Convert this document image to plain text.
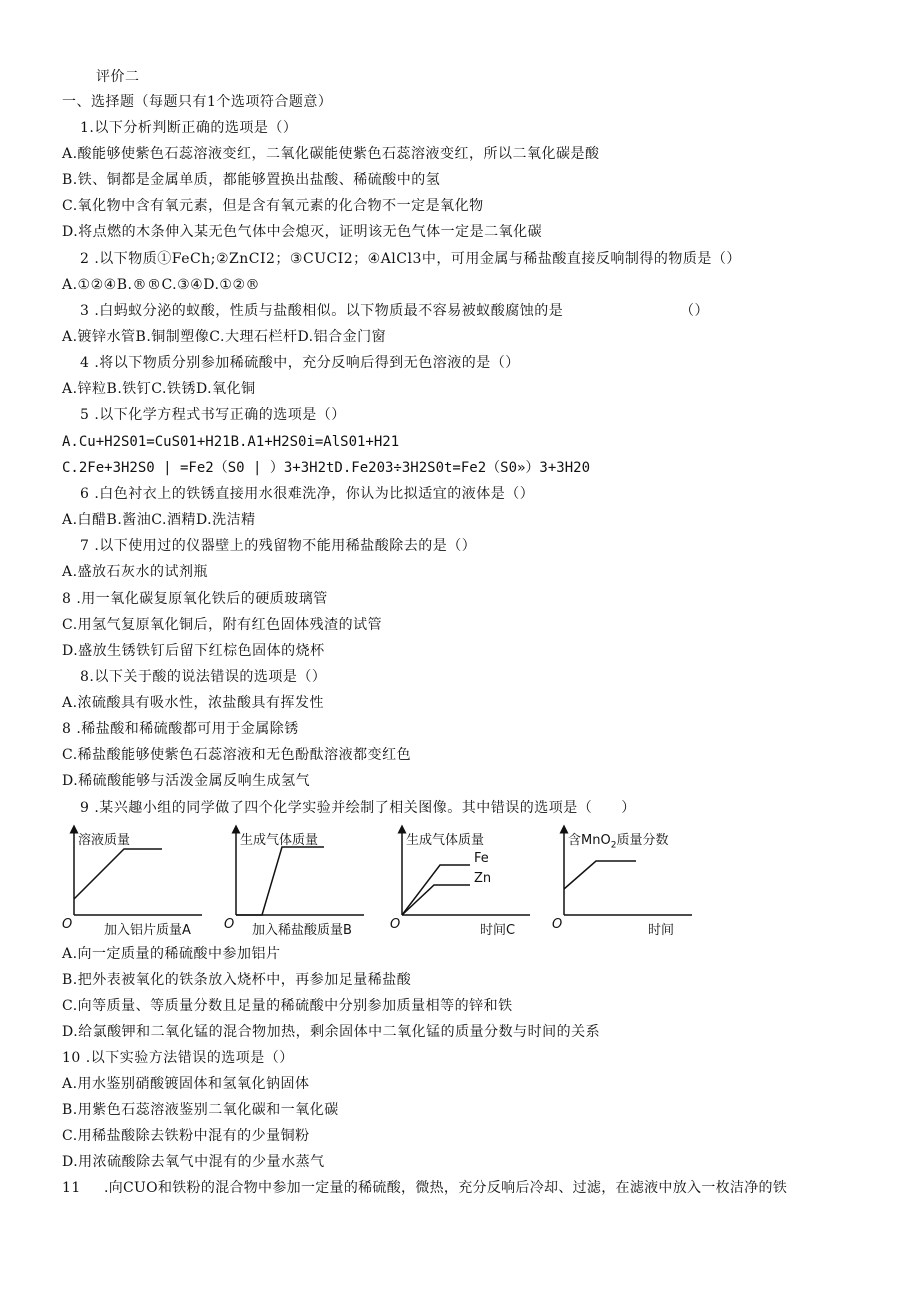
评价二
一、选择题（每题只有1个选项符合题意）
1.以下分析判断正确的选项是（）
A.酸能够使紫色石蕊溶液变红，二氧化碳能使紫色石蕊溶液变红，所以二氧化碳是酸
B.铁、铜都是金属单质，都能够置换出盐酸、稀硫酸中的氢
C.氧化物中含有氧元素，但是含有氧元素的化合物不一定是氧化物
D.将点燃的木条伸入某无色气体中会熄灭，证明该无色气体一定是二氧化碳
2 .以下物质①FeCh;②ZnCI2；③CUCI2；④AlCl3中，可用金属与稀盐酸直接反响制得的物质是（）
A.①②④B.®®C.③④D.①②®
3 .白蚂蚁分泌的蚁酸，性质与盐酸相似。以下物质最不容易被蚁酸腐蚀的是	（）
A.镀锌水管B.铜制塑像C.大理石栏杆D.铝合金门窗
4 .将以下物质分别参加稀硫酸中，充分反响后得到无色溶液的是（）
A.锌粒B.铁钉C.铁锈D.氧化铜
5 .以下化学方程式书写正确的选项是（）
A.Cu+H2S01=CuS01+H21B.A1+H2S0i=AlS01+H21
C.2Fe+3H2S0 | =Fe2（S0 | ）3+3H2tD.Fe203÷3H2S0t=Fe2（S0»）3+3H20
6 .白色衬衣上的铁锈直接用水很难洗净，你认为比拟适宜的液体是（）
A.白醋B.酱油C.酒精D.洗洁精
7 .以下使用过的仪器壁上的残留物不能用稀盐酸除去的是（）
A.盛放石灰水的试剂瓶
8 .用一氧化碳复原氧化铁后的硬质玻璃管
C.用氢气复原氧化铜后，附有红色固体残渣的试管
D.盛放生锈铁钉后留下红棕色固体的烧杯
8.以下关于酸的说法错误的选项是（）
A.浓硫酸具有吸水性，浓盐酸具有挥发性
8 .稀盐酸和稀硫酸都可用于金属除锈
C.稀盐酸能够使紫色石蕊溶液和无色酚酞溶液都变红色
D.稀硫酸能够与活泼金属反响生成氢气
9 .某兴趣小组的同学做了四个化学实验并绘制了相关图像。其中错误的选项是（　　）
溶液质量
O 加入铝片质量A
生成气体质量
O 加入稀盐酸质量B
生成气体质量
Fe
Zn
O	时间C
含MnO$_2$质量分数
O	时间
A.向一定质量的稀硫酸中参加铝片
B.把外表被氧化的铁条放入烧杯中，再参加足量稀盐酸
C.向等质量、等质量分数且足量的稀硫酸中分别参加质量相等的锌和铁
D.给氯酸钾和二氧化锰的混合物加热，剩余固体中二氧化锰的质量分数与时间的关系
10 .以下实验方法错误的选项是（）
A.用水鉴别硝酸镀固体和氢氧化钠固体
B.用紫色石蕊溶液鉴别二氧化碳和一氧化碳
C.用稀盐酸除去铁粉中混有的少量铜粉
D.用浓硫酸除去氧气中混有的少量水蒸气
11 .向CUO和铁粉的混合物中参加一定量的稀硫酸，微热，充分反响后冷却、过滤，在滤液中放入一枚洁净的铁
